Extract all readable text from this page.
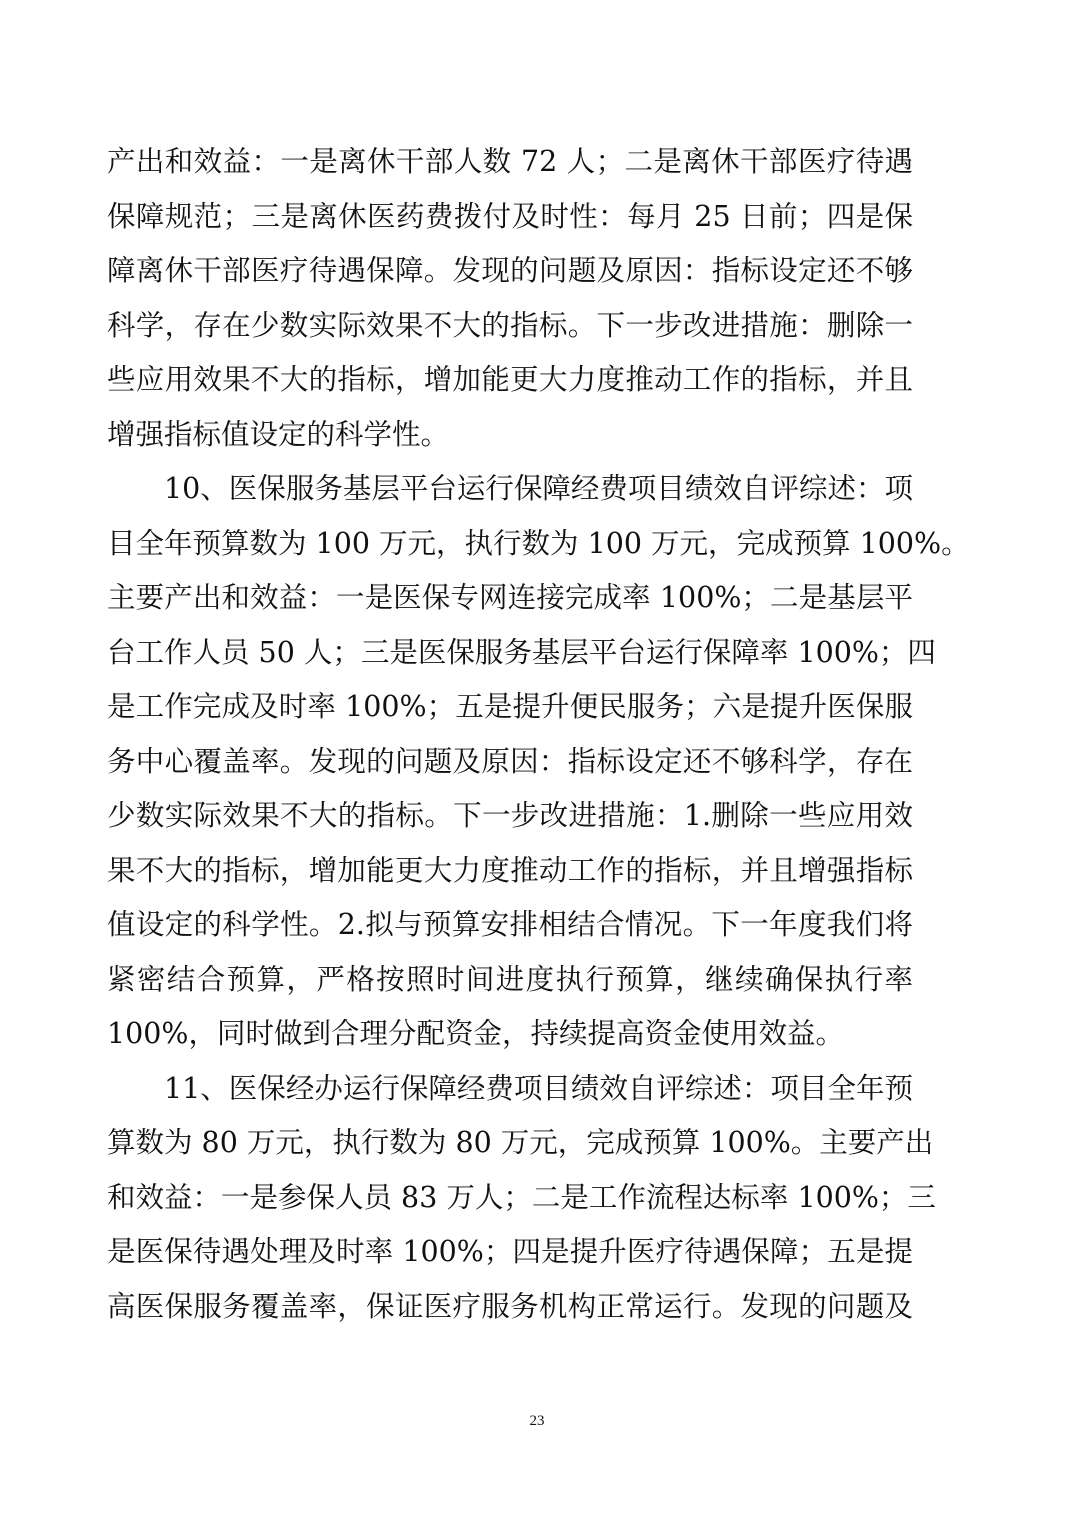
产出和效益：一是离休干部人数 72 人；二是离休干部医疗待遇
保障规范；三是离休医药费拨付及时性：每月 25 日前；四是保
障离休干部医疗待遇保障。发现的问题及原因：指标设定还不够
科学，存在少数实际效果不大的指标。下一步改进措施：删除一
些应用效果不大的指标，增加能更大力度推动工作的指标，并且
增强指标值设定的科学性。
　　10、医保服务基层平台运行保障经费项目绩效自评综述：项
目全年预算数为 100 万元，执行数为 100 万元，完成预算 100%。
主要产出和效益：一是医保专网连接完成率 100%；二是基层平
台工作人员 50 人；三是医保服务基层平台运行保障率 100%；四
是工作完成及时率 100%；五是提升便民服务；六是提升医保服
务中心覆盖率。发现的问题及原因：指标设定还不够科学，存在
少数实际效果不大的指标。下一步改进措施：1.删除一些应用效
果不大的指标，增加能更大力度推动工作的指标，并且增强指标
值设定的科学性。2.拟与预算安排相结合情况。下一年度我们将
紧密结合预算，严格按照时间进度执行预算，继续确保执行率
100%，同时做到合理分配资金，持续提高资金使用效益。
　　11、医保经办运行保障经费项目绩效自评综述：项目全年预
算数为 80 万元，执行数为 80 万元，完成预算 100%。主要产出
和效益：一是参保人员 83 万人；二是工作流程达标率 100%；三
是医保待遇处理及时率 100%；四是提升医疗待遇保障；五是提
高医保服务覆盖率，保证医疗服务机构正常运行。发现的问题及
23
